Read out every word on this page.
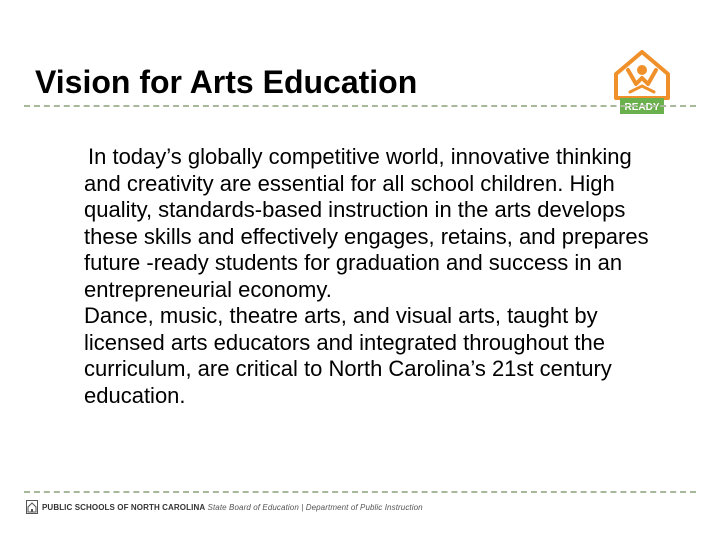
Vision for Arts Education
READY

In today’s globally competitive world, innovative thinking and creativity are essential for all school children. High quality, standards-based instruction in the arts develops these skills and effectively engages, retains, and prepares future -ready students for graduation and success in an entrepreneurial economy.

Dance, music, theatre arts, and visual arts, taught by licensed arts educators and integrated throughout the curriculum, are critical to North Carolina’s 21st century education.

PUBLIC SCHOOLS OF NORTH CAROLINA
State Board of Education | Department of Public Instruction
